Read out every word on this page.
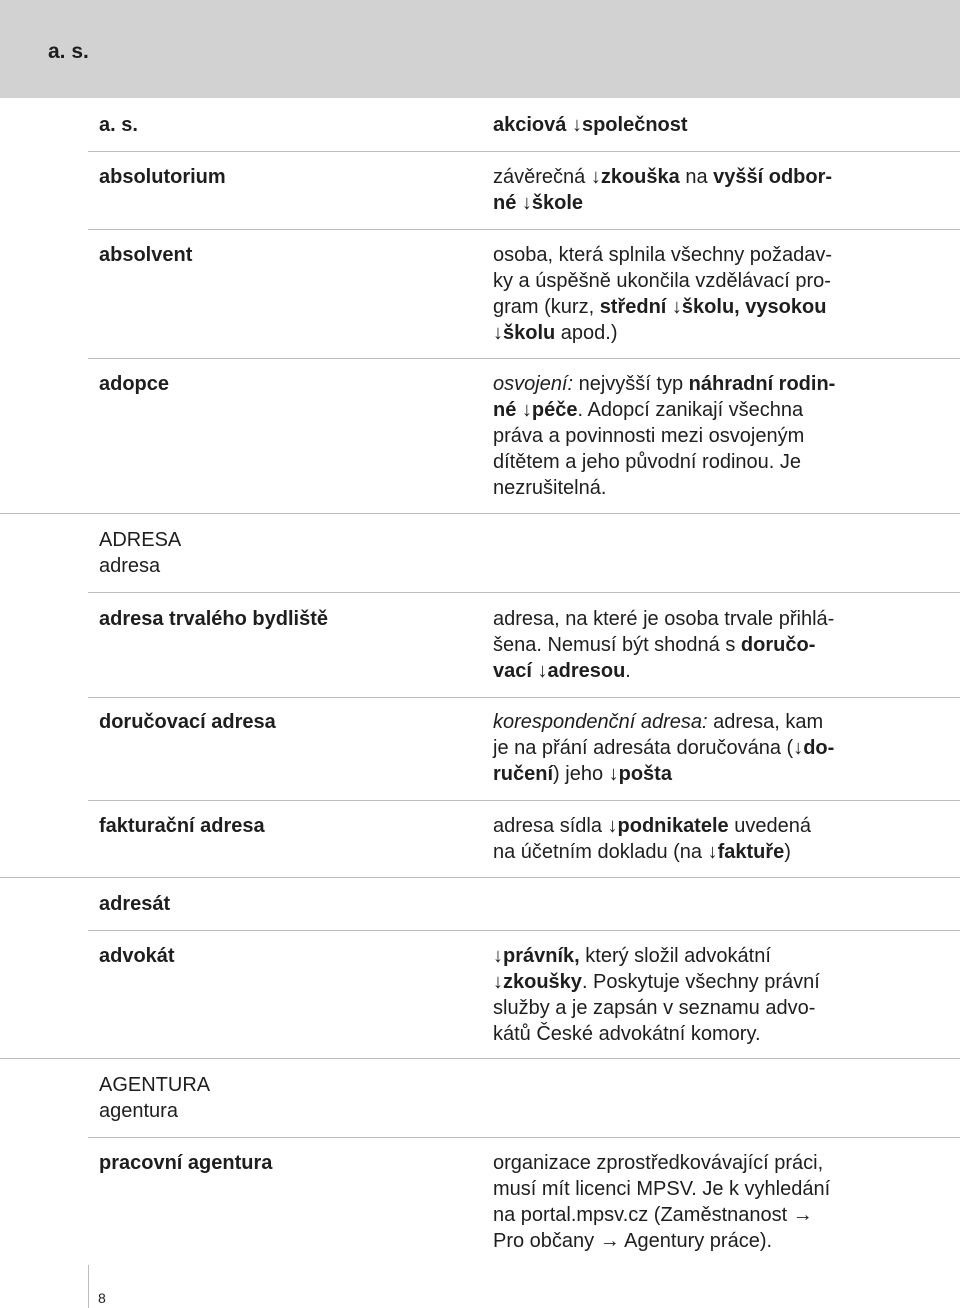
a. s.
a. s.	akciová ↓společnost
absolutorium	závěrečná ↓zkouška na vyšší odbor-
né ↓škole
absolvent	osoba, která splnila všechny požadav-
ky a úspěšně ukončila vzdělávací pro-
gram (kurz, střední ↓školu, vysokou
↓školu apod.)
adopce	osvojení: nejvyšší typ náhradní rodin-
né ↓péče. Adopcí zanikají všechna
práva a povinnosti mezi osvojeným
dítětem a jeho původní rodinou. Je
nezrušitelná.
ADRESA
adresa
adresa trvalého bydliště	adresa, na které je osoba trvale přihlá-
šena. Nemusí být shodná s doručo-
vací ↓adresou.
doručovací adresa	korespondenční adresa: adresa, kam
je na přání adresáta doručována (↓do-
ručení) jeho ↓pošta
fakturační adresa	adresa sídla ↓podnikatele uvedená
na účetním dokladu (na ↓faktuře)
adresát
advokát	↓právník, který složil advokátní
↓zkoušky. Poskytuje všechny právní
služby a je zapsán v seznamu advo-
kátů České advokátní komory.
AGENTURA
agentura
pracovní agentura	organizace zprostředkovávající práci,
musí mít licenci MPSV. Je k vyhledání
na portal.mpsv.cz (Zaměstnanost →
Pro občany → Agentury práce).
8
